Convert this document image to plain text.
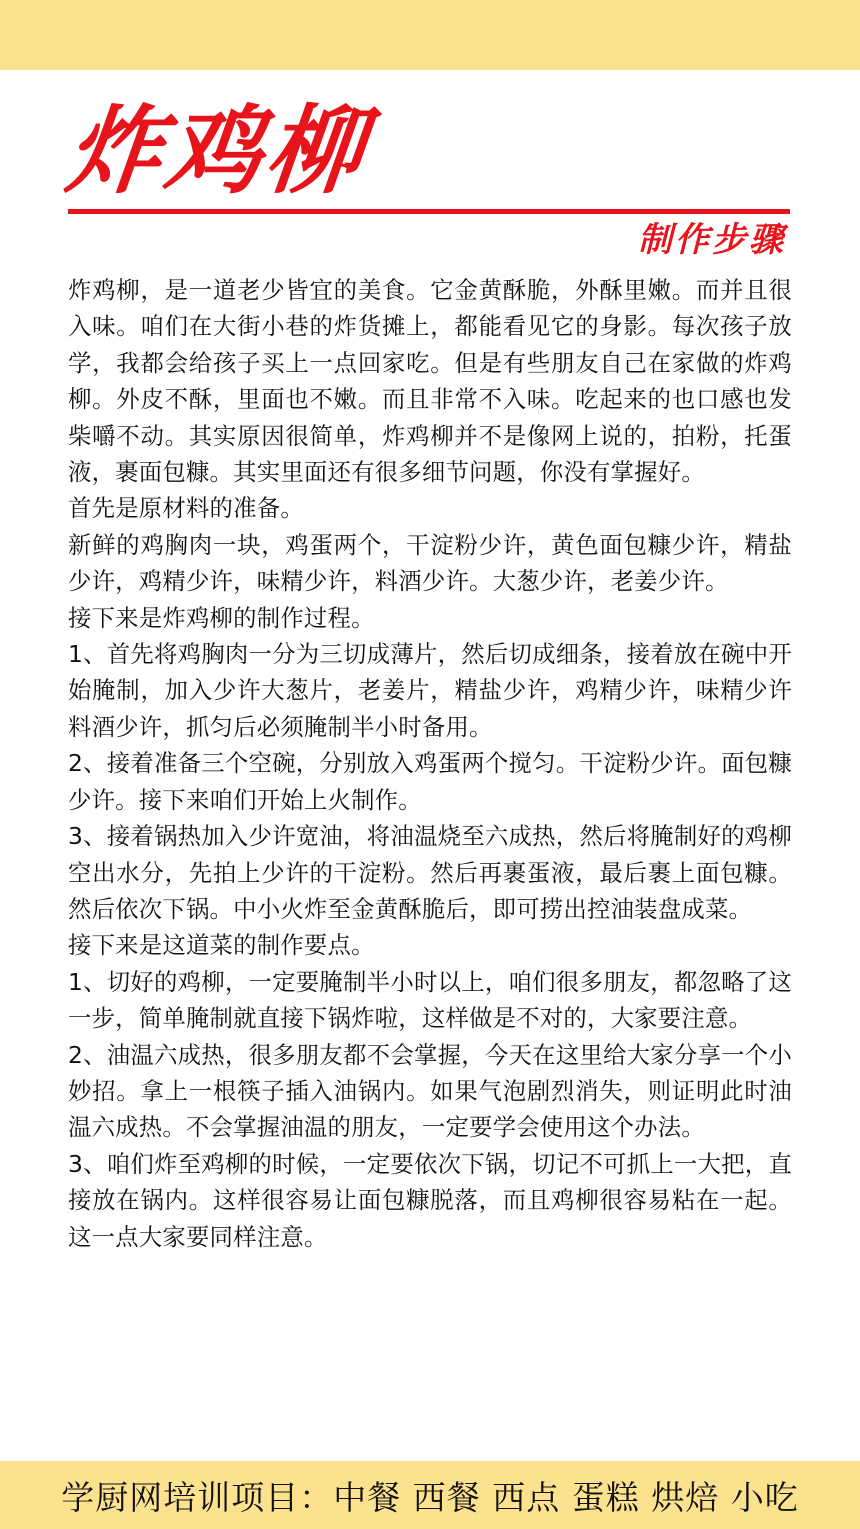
炸鸡柳
制作步骤

炸鸡柳，是一道老少皆宜的美食。它金黄酥脆，外酥里嫩。而并且很入味。咱们在大街小巷的炸货摊上，都能看见它的身影。每次孩子放学，我都会给孩子买上一点回家吃。但是有些朋友自己在家做的炸鸡柳。外皮不酥，里面也不嫩。而且非常不入味。吃起来的也口感也发柴嚼不动。其实原因很简单，炸鸡柳并不是像网上说的，拍粉，托蛋液，裹面包糠。其实里面还有很多细节问题，你没有掌握好。

首先是原材料的准备。

新鲜的鸡胸肉一块，鸡蛋两个，干淀粉少许，黄色面包糠少许，精盐少许，鸡精少许，味精少许，料酒少许。大葱少许，老姜少许。

接下来是炸鸡柳的制作过程。

1、首先将鸡胸肉一分为三切成薄片，然后切成细条，接着放在碗中开始腌制，加入少许大葱片，老姜片，精盐少许，鸡精少许，味精少许料酒少许，抓匀后必须腌制半小时备用。

2、接着准备三个空碗，分别放入鸡蛋两个搅匀。干淀粉少许。面包糠少许。接下来咱们开始上火制作。

3、接着锅热加入少许宽油，将油温烧至六成热，然后将腌制好的鸡柳空出水分，先拍上少许的干淀粉。然后再裹蛋液，最后裹上面包糠。然后依次下锅。中小火炸至金黄酥脆后，即可捞出控油装盘成菜。

接下来是这道菜的制作要点。

1、切好的鸡柳，一定要腌制半小时以上，咱们很多朋友，都忽略了这一步，简单腌制就直接下锅炸啦，这样做是不对的，大家要注意。

2、油温六成热，很多朋友都不会掌握，今天在这里给大家分享一个小妙招。拿上一根筷子插入油锅内。如果气泡剧烈消失，则证明此时油温六成热。不会掌握油温的朋友，一定要学会使用这个办法。

3、咱们炸至鸡柳的时候，一定要依次下锅，切记不可抓上一大把，直接放在锅内。这样很容易让面包糠脱落，而且鸡柳很容易粘在一起。这一点大家要同样注意。

学厨网培训项目：中餐 西餐 西点 蛋糕 烘焙 小吃
